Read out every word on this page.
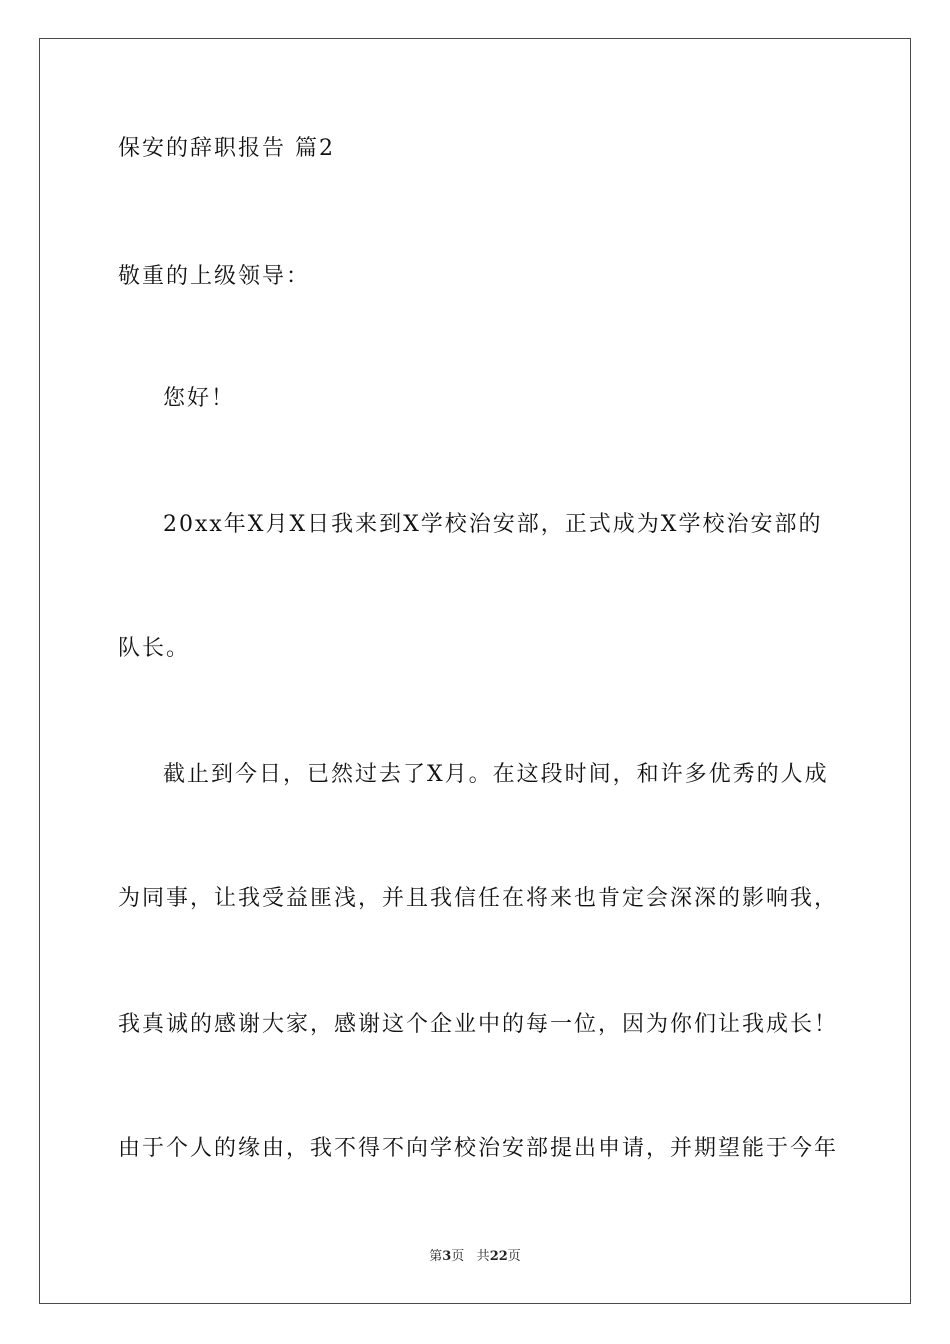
保安的辞职报告 篇2
敬重的上级领导：
您好！
20xx年X月X日我来到X学校治安部，正式成为X学校治安部的
队长。
截止到今日，已然过去了X月。在这段时间，和许多优秀的人成
为同事，让我受益匪浅，并且我信任在将来也肯定会深深的影响我，
我真诚的感谢大家，感谢这个企业中的每一位，因为你们让我成长！
由于个人的缘由，我不得不向学校治安部提出申请，并期望能于今年
第3页 共22页
